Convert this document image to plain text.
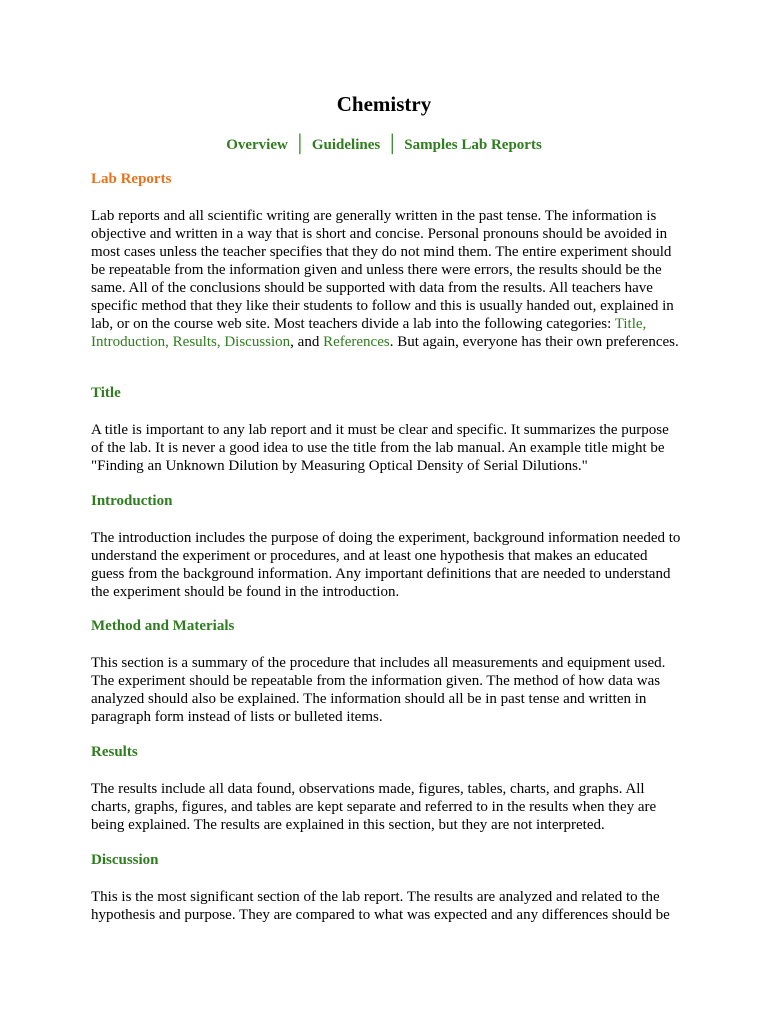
Chemistry
Overview │ Guidelines │ Samples Lab Reports
Lab Reports
Lab reports and all scientific writing are generally written in the past tense. The information is objective and written in a way that is short and concise. Personal pronouns should be avoided in most cases unless the teacher specifies that they do not mind them. The entire experiment should be repeatable from the information given and unless there were errors, the results should be the same. All of the conclusions should be supported with data from the results. All teachers have specific method that they like their students to follow and this is usually handed out, explained in lab, or on the course web site. Most teachers divide a lab into the following categories: Title, Introduction, Results, Discussion, and References. But again, everyone has their own preferences.
Title
A title is important to any lab report and it must be clear and specific. It summarizes the purpose of the lab. It is never a good idea to use the title from the lab manual. An example title might be "Finding an Unknown Dilution by Measuring Optical Density of Serial Dilutions."
Introduction
The introduction includes the purpose of doing the experiment, background information needed to understand the experiment or procedures, and at least one hypothesis that makes an educated guess from the background information. Any important definitions that are needed to understand the experiment should be found in the introduction.
Method and Materials
This section is a summary of the procedure that includes all measurements and equipment used. The experiment should be repeatable from the information given. The method of how data was analyzed should also be explained. The information should all be in past tense and written in paragraph form instead of lists or bulleted items.
Results
The results include all data found, observations made, figures, tables, charts, and graphs. All charts, graphs, figures, and tables are kept separate and referred to in the results when they are being explained. The results are explained in this section, but they are not interpreted.
Discussion
This is the most significant section of the lab report. The results are analyzed and related to the hypothesis and purpose. They are compared to what was expected and any differences should be
